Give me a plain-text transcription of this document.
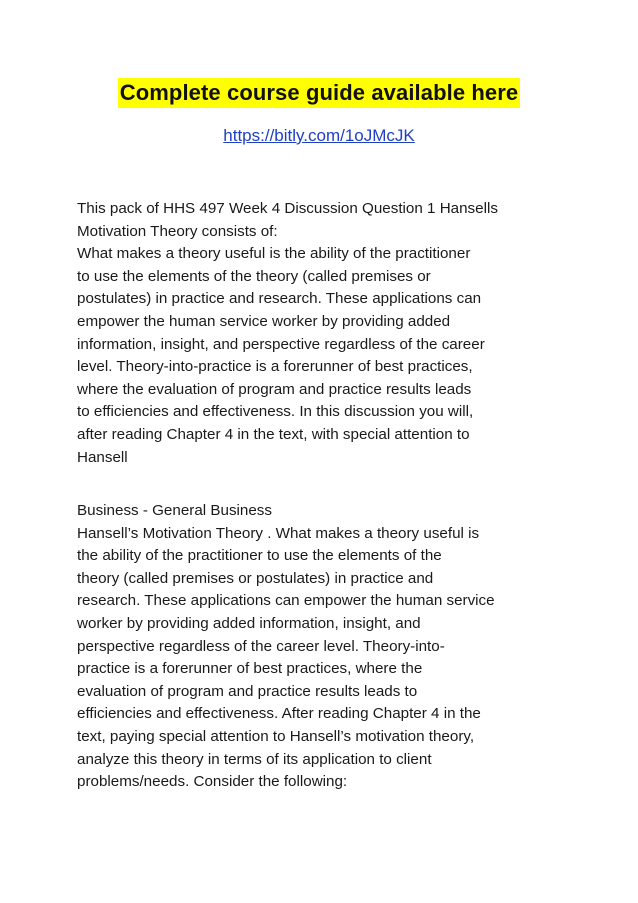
Complete course guide available here
https://bitly.com/1oJMcJK
This pack of HHS 497 Week 4 Discussion Question 1 Hansells
Motivation Theory consists of:
What makes a theory useful is the ability of the practitioner
to use the elements of the theory (called premises or
postulates) in practice and research. These applications can
empower the human service worker by providing added
information, insight, and perspective regardless of the career
level. Theory-into-practice is a forerunner of best practices,
where the evaluation of program and practice results leads
to efficiencies and effectiveness. In this discussion you will,
after reading Chapter 4 in the text, with special attention to
Hansell
Business - General Business
Hansell’s Motivation Theory . What makes a theory useful is
the ability of the practitioner to use the elements of the
theory (called premises or postulates) in practice and
research. These applications can empower the human service
worker by providing added information, insight, and
perspective regardless of the career level. Theory-into-
practice is a forerunner of best practices, where the
evaluation of program and practice results leads to
efficiencies and effectiveness. After reading Chapter 4 in the
text, paying special attention to Hansell’s motivation theory,
analyze this theory in terms of its application to client
problems/needs. Consider the following:
